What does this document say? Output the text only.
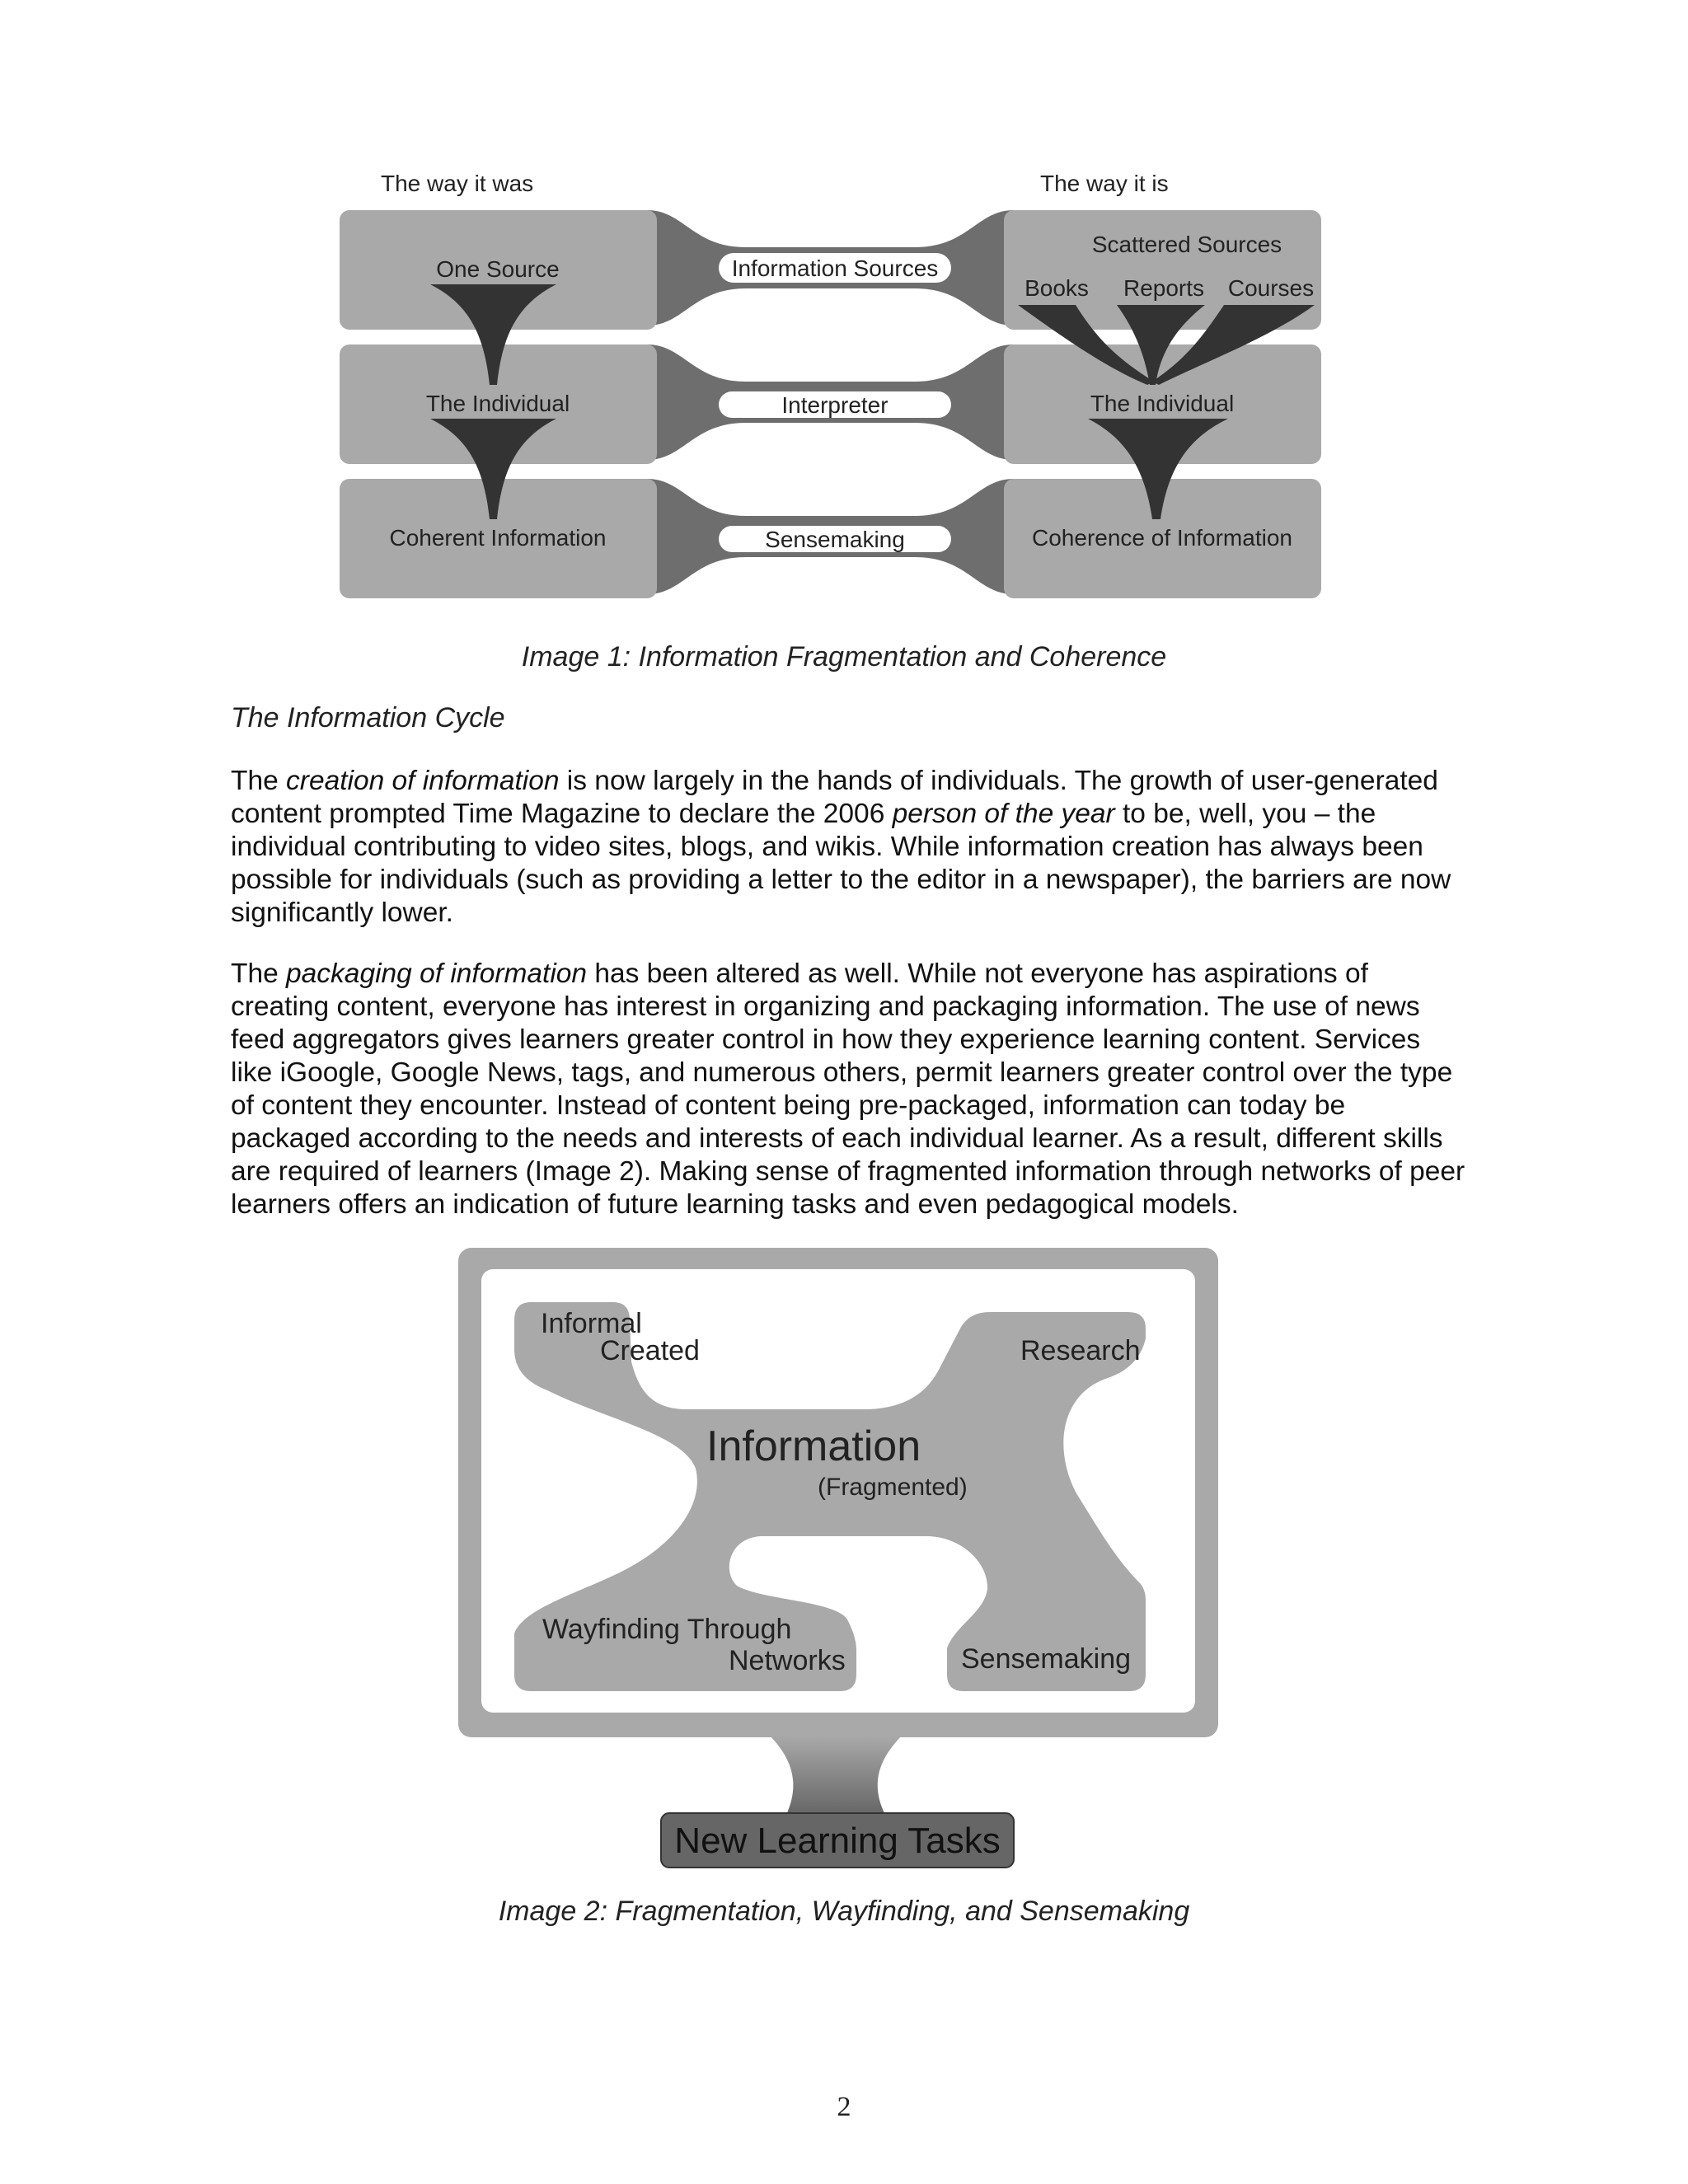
The way it was	The way it is
One Source
The Individual
Coherent Information
Information Sources
Interpreter
Sensemaking
Scattered Sources
Books Reports Courses
The Individual
Coherence of Information
Image 1: Information Fragmentation and Coherence
The Information Cycle

The creation of information is now largely in the hands of individuals. The growth of user-generated content prompted Time Magazine to declare the 2006 person of the year to be, well, you – the individual contributing to video sites, blogs, and wikis. While information creation has always been possible for individuals (such as providing a letter to the editor in a newspaper), the barriers are now significantly lower.

The packaging of information has been altered as well. While not everyone has aspirations of creating content, everyone has interest in organizing and packaging information. The use of news feed aggregators gives learners greater control in how they experience learning content. Services like iGoogle, Google News, tags, and numerous others, permit learners greater control over the type of content they encounter. Instead of content being pre-packaged, information can today be packaged according to the needs and interests of each individual learner. As a result, different skills are required of learners (Image 2). Making sense of fragmented information through networks of peer learners offers an indication of future learning tasks and even pedagogical models.

Informal
Created	Research
Information
(Fragmented)
Wayfinding Through
Networks	Sensemaking
New Learning Tasks
Image 2: Fragmentation, Wayfinding, and Sensemaking
2
